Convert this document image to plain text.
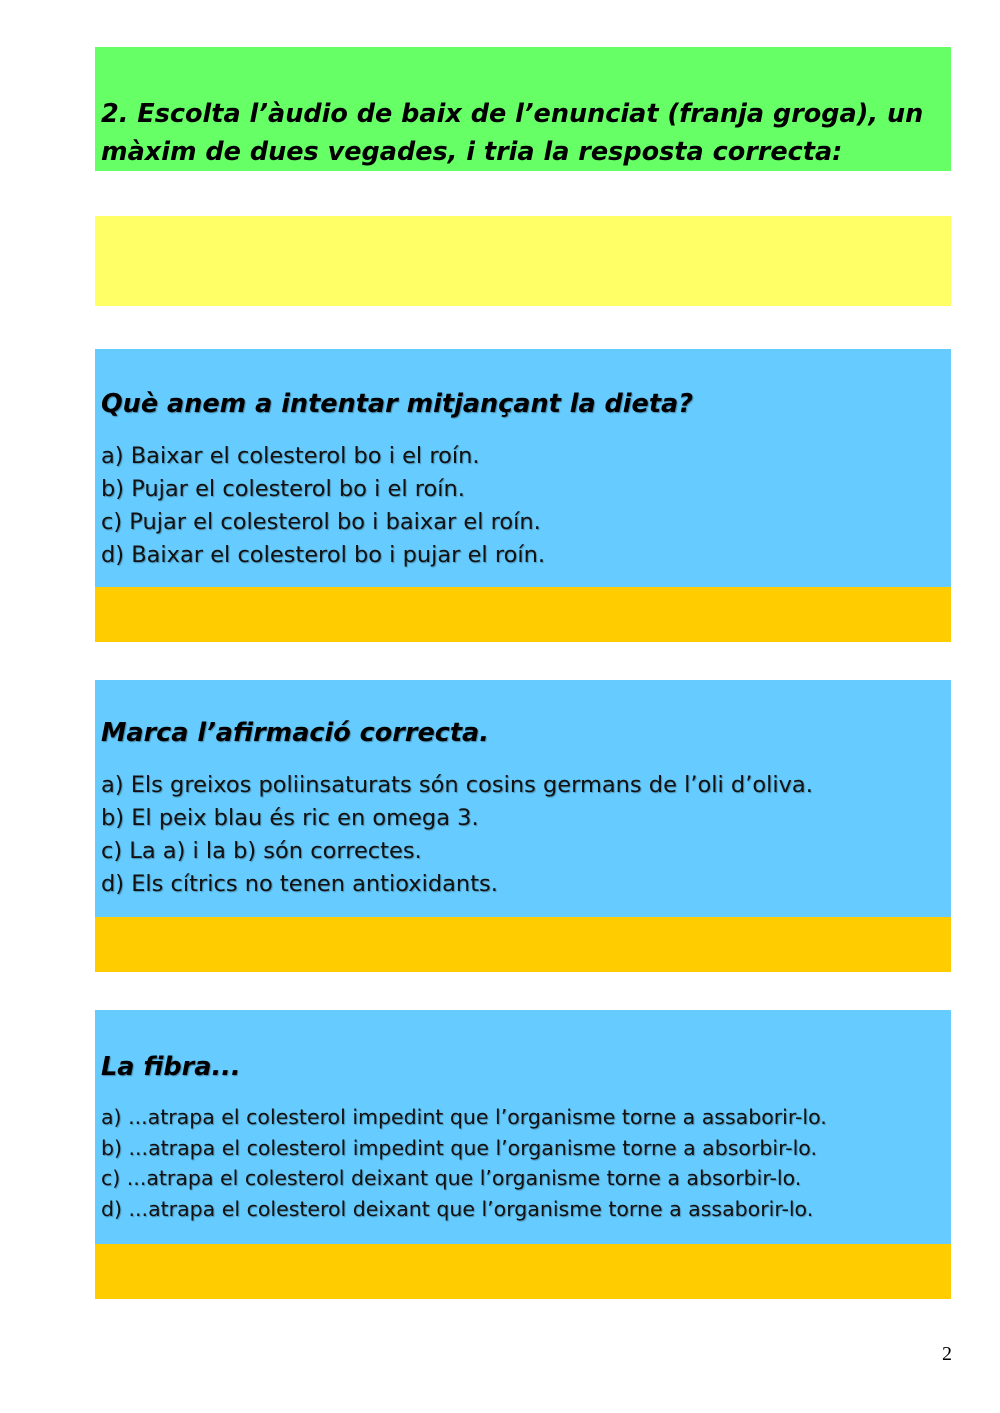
2. Escolta l’àudio de baix de l’enunciat (franja groga), un màxim de dues vegades, i tria la resposta correcta:

Què anem a intentar mitjançant la dieta?

a) Baixar el colesterol bo i el roín.
b) Pujar el colesterol bo i el roín.
c) Pujar el colesterol bo i baixar el roín.
d) Baixar el colesterol bo i pujar el roín.

Marca l’afirmació correcta.

a) Els greixos poliinsaturats són cosins germans de l’oli d’oliva.
b) El peix blau és ric en omega 3.
c) La a) i la b) són correctes.
d) Els cítrics no tenen antioxidants.

La fibra...

a) ...atrapa el colesterol impedint que l’organisme torne a assaborir-lo.
b) ...atrapa el colesterol impedint que l’organisme torne a absorbir-lo.
c) ...atrapa el colesterol deixant que l’organisme torne a absorbir-lo.
d) ...atrapa el colesterol deixant que l’organisme torne a assaborir-lo.
2
